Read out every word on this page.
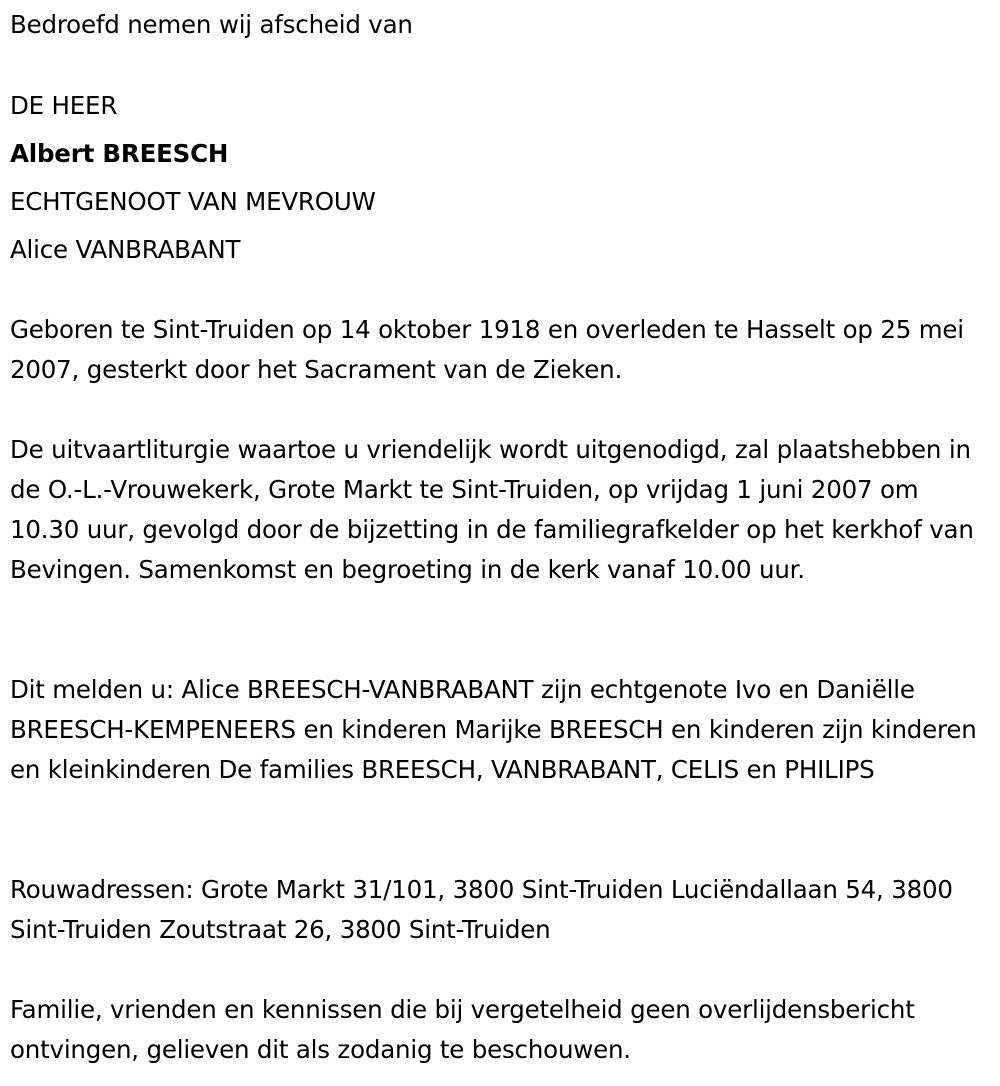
Bedroefd nemen wij afscheid van
DE HEER
Albert BREESCH
ECHTGENOOT VAN MEVROUW
Alice VANBRABANT

Geboren te Sint-Truiden op 14 oktober 1918 en overleden te Hasselt op 25 mei 2007, gesterkt door het Sacrament van de Zieken.

De uitvaartliturgie waartoe u vriendelijk wordt uitgenodigd, zal plaatshebben in de O.-L.-Vrouwekerk, Grote Markt te Sint-Truiden, op vrijdag 1 juni 2007 om 10.30 uur, gevolgd door de bijzetting in de familiegrafkelder op het kerkhof van Bevingen. Samenkomst en begroeting in de kerk vanaf 10.00 uur.

Dit melden u: Alice BREESCH-VANBRABANT zijn echtgenote Ivo en Daniëlle BREESCH-KEMPENEERS en kinderen Marijke BREESCH en kinderen zijn kinderen en kleinkinderen De families BREESCH, VANBRABANT, CELIS en PHILIPS

Rouwadressen: Grote Markt 31/101, 3800 Sint-Truiden Luciëndallaan 54, 3800 Sint-Truiden Zoutstraat 26, 3800 Sint-Truiden

Familie, vrienden en kennissen die bij vergetelheid geen overlijdensbericht ontvingen, gelieven dit als zodanig te beschouwen.
